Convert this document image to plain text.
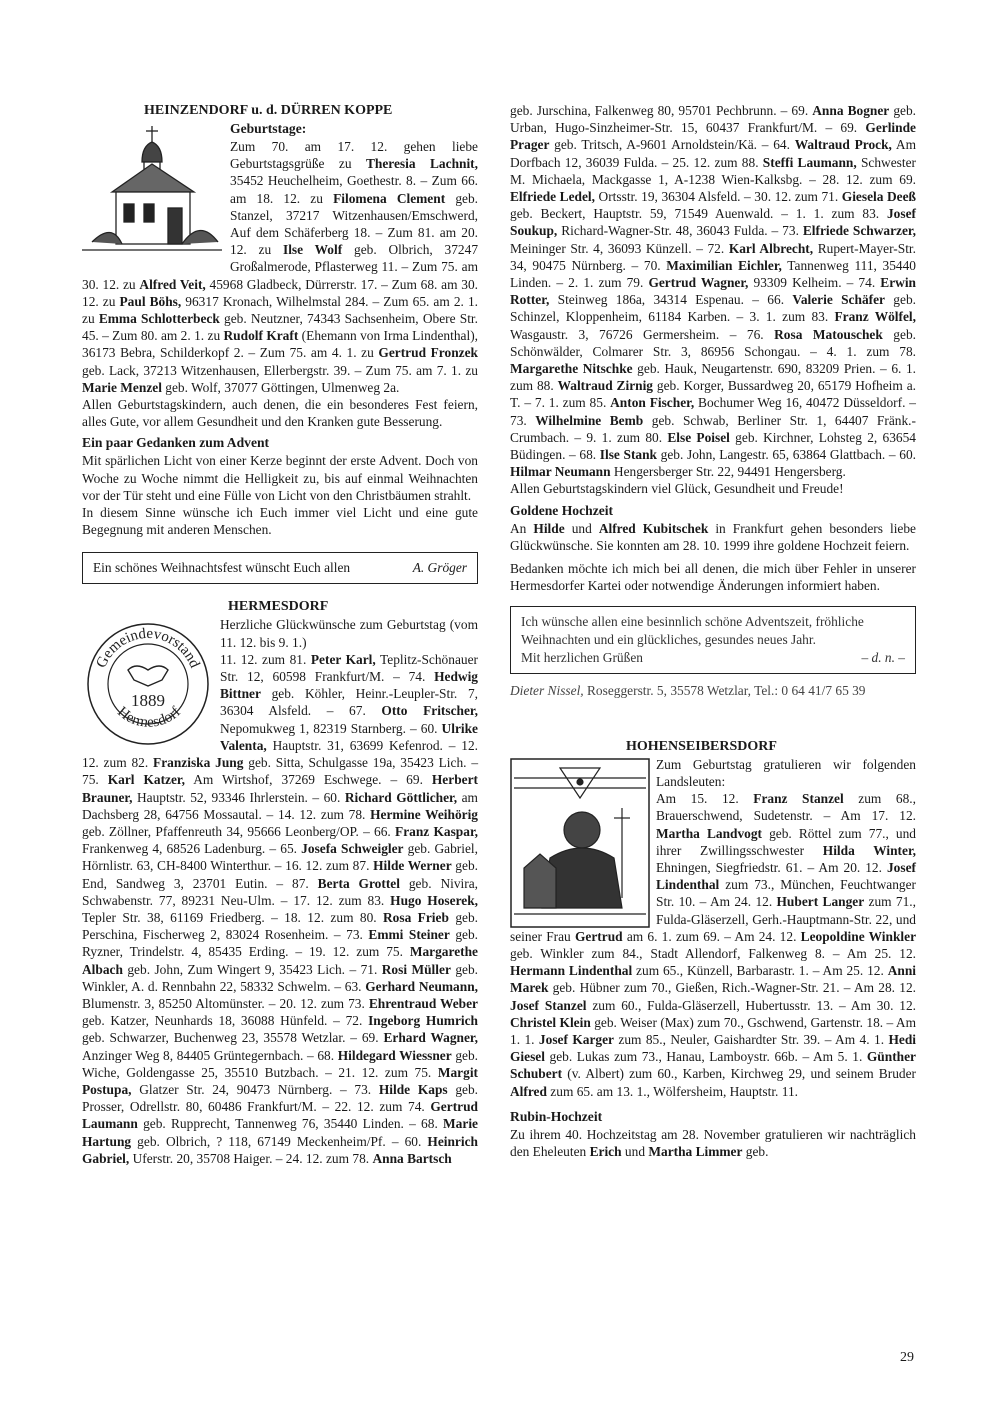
HEINZENDORF u. d. DÜRREN KOPPE
Geburtstage:

Zum 70. am 17. 12. gehen liebe Geburtstagsgrüße zu Theresia Lachnit, 35452 Heuchelheim, Goethestr. 8. – Zum 66. am 18. 12. zu Filomena Clement geb. Stanzel, 37217 Witzenhausen/Emschwerd, Auf dem Schäferberg 18. – Zum 81. am 20. 12. zu Ilse Wolf geb. Olbrich, 37247 Großalmerode, Pflasterweg 11. – Zum 75. am 30. 12. zu Alfred Veit, 45968 Gladbeck, Dürrerstr. 17. – Zum 68. am 30. 12. zu Paul Böhs, 96317 Kronach, Wilhelmstal 284. – Zum 65. am 2. 1. zu Emma Schlotterbeck geb. Neutzner, 74343 Sachsenheim, Obere Str. 45. – Zum 80. am 2. 1. zu Rudolf Kraft (Ehemann von Irma Lindenthal), 36173 Bebra, Schilderkopf 2. – Zum 75. am 4. 1. zu Gertrud Fronzek geb. Lack, 37213 Witzenhausen, Ellerbergstr. 39. – Zum 75. am 7. 1. zu Marie Menzel geb. Wolf, 37077 Göttingen, Ulmenweg 2a.

Allen Geburtstagskindern, auch denen, die ein besonderes Fest feiern, alles Gute, vor allem Gesundheit und den Kranken gute Besserung.

Ein paar Gedanken zum Advent

Mit spärlichen Licht von einer Kerze beginnt der erste Advent. Doch von Woche zu Woche nimmt die Helligkeit zu, bis auf einmal Weihnachten vor der Tür steht und eine Fülle von Licht von den Christbäumen strahlt.

In diesem Sinne wünsche ich Euch immer viel Licht und eine gute Begegnung mit anderen Menschen.

Ein schönes Weihnachtsfest wünscht Euch allen	A. Gröger
HERMESDORF
Gemeindevorstand
Hermesdorf
1889

Herzliche Glückwünsche zum Geburtstag (vom 11. 12. bis 9. 1.)
11. 12. zum 81. Peter Karl, Teplitz-Schönauer Str. 12, 60598 Frankfurt/M. – 74. Hedwig Bittner geb. Köhler, Heinr.-Leupler-Str. 7, 36304 Alsfeld. – 67. Otto Fritscher, Nepomukweg 1, 82319 Starnberg. – 60. Ulrike Valenta, Hauptstr. 31, 63699 Kefenrod. – 12. 12. zum 82. Franziska Jung geb. Sitta, Schulgasse 19a, 35423 Lich. – 75. Karl Katzer, Am Wirtshof, 37269 Eschwege. – 69. Herbert Brauner, Hauptstr. 52, 93346 Ihrlerstein. – 60. Richard Göttlicher, am Dachsberg 28, 64756 Mossautal. – 14. 12. zum 78. Hermine Weihörig geb. Zöllner, Pfaffenreuth 34, 95666 Leonberg/OP. – 66. Franz Kaspar, Frankenweg 4, 68526 Ladenburg. – 65. Josefa Schweigler geb. Gabriel, Hörnlistr. 63, CH-8400 Winterthur. – 16. 12. zum 87. Hilde Werner geb. End, Sandweg 3, 23701 Eutin. – 87. Berta Grottel geb. Nivira, Schwabenstr. 77, 89231 Neu-Ulm. – 17. 12. zum 83. Hugo Hoserek, Tepler Str. 38, 61169 Friedberg. – 18. 12. zum 80. Rosa Frieb geb. Perschina, Fischerweg 2, 83024 Rosenheim. – 73. Emmi Steiner geb. Ryzner, Trindelstr. 4, 85435 Erding. – 19. 12. zum 75. Margarethe Albach geb. John, Zum Wingert 9, 35423 Lich. – 71. Rosi Müller geb. Winkler, A. d. Rennbahn 22, 58332 Schwelm. – 63. Gerhard Neumann, Blumenstr. 3, 85250 Altomünster. – 20. 12. zum 73. Ehrentraud Weber geb. Katzer, Neunhards 18, 36088 Hünfeld. – 72. Ingeborg Humrich geb. Schwarzer, Buchenweg 23, 35578 Wetzlar. – 69. Erhard Wagner, Anzinger Weg 8, 84405 Grüntegernbach. – 68. Hildegard Wiessner geb. Wiche, Goldengasse 25, 35510 Butzbach. – 21. 12. zum 75. Margit Postupa, Glatzer Str. 24, 90473 Nürnberg. – 73. Hilde Kaps geb. Prosser, Odrellstr. 80, 60486 Frankfurt/M. – 22. 12. zum 74. Gertrud Laumann geb. Rupprecht, Tannenweg 76, 35440 Linden. – 68. Marie Hartung geb. Olbrich, ? 118, 67149 Meckenheim/Pf. – 60. Heinrich Gabriel, Uferstr. 20, 35708 Haiger. – 24. 12. zum 78. Anna Bartsch

geb. Jurschina, Falkenweg 80, 95701 Pechbrunn. – 69. Anna Bogner geb. Urban, Hugo-Sinzheimer-Str. 15, 60437 Frankfurt/M. – 69. Gerlinde Prager geb. Tritsch, A-9601 Arnoldstein/Kä. – 64. Waltraud Prock, Am Dorfbach 12, 36039 Fulda. – 25. 12. zum 88. Steffi Laumann, Schwester M. Michaela, Mackgasse 1, A-1238 Wien-Kalksbg. – 28. 12. zum 69. Elfriede Ledel, Ortsstr. 19, 36304 Alsfeld. – 30. 12. zum 71. Giesela Deeß geb. Beckert, Hauptstr. 59, 71549 Auenwald. – 1. 1. zum 83. Josef Soukup, Richard-Wagner-Str. 48, 36043 Fulda. – 73. Elfriede Schwarzer, Meininger Str. 4, 36093 Künzell. – 72. Karl Albrecht, Rupert-Mayer-Str. 34, 90475 Nürnberg. – 70. Maximilian Eichler, Tannenweg 111, 35440 Linden. – 2. 1. zum 79. Gertrud Wagner, 93309 Kelheim. – 74. Erwin Rotter, Steinweg 186a, 34314 Espenau. – 66. Valerie Schäfer geb. Schinzel, Kloppenheim, 61184 Karben. – 3. 1. zum 83. Franz Wölfel, Wasgaustr. 3, 76726 Germersheim. – 76. Rosa Matouschek geb. Schönwälder, Colmarer Str. 3, 86956 Schongau. – 4. 1. zum 78. Margarethe Nitschke geb. Hauk, Neugartenstr. 690, 83209 Prien. – 6. 1. zum 88. Waltraud Zirnig geb. Korger, Bussardweg 20, 65179 Hofheim a. T. – 7. 1. zum 85. Anton Fischer, Bochumer Weg 16, 40472 Düsseldorf. – 73. Wilhelmine Bemb geb. Schwab, Berliner Str. 1, 64407 Fränk.-Crumbach. – 9. 1. zum 80. Else Poisel geb. Kirchner, Lohsteg 2, 63654 Büdingen. – 68. Ilse Stank geb. John, Langestr. 65, 63864 Glattbach. – 60. Hilmar Neumann Hengersberger Str. 22, 94491 Hengersberg.
Allen Geburtstagskindern viel Glück, Gesundheit und Freude!

Goldene Hochzeit

An Hilde und Alfred Kubitschek in Frankfurt gehen besonders liebe Glückwünsche. Sie konnten am 28. 10. 1999 ihre goldene Hochzeit feiern.

Bedanken möchte ich mich bei all denen, die mich über Fehler in unserer Hermesdorfer Kartei oder notwendige Änderungen informiert haben.

Ich wünsche allen eine besinnlich schöne Adventszeit, fröhliche Weihnachten und ein glückliches, gesundes neues Jahr.
Mit herzlichen Grüßen	– d. n. –

Dieter Nissel, Roseggerstr. 5, 35578 Wetzlar, Tel.: 0 64 41/7 65 39

HOHENSEIBERSDORF

Zum Geburtstag gratulieren wir folgenden Landsleuten:
Am 15. 12. Franz Stanzel zum 68., Brauerschwend, Sudetenstr. – Am 17. 12. Martha Landvogt geb. Röttel zum 77., und ihrer Zwillingsschwester Hilda Winter, Ehningen, Siegfriedstr. 61. – Am 20. 12. Josef Lindenthal zum 73., München, Feuchtwanger Str. 10. – Am 24. 12. Hubert Langer zum 71., Fulda-Gläserzell, Gerh.-Hauptmann-Str. 22, und seiner Frau Gertrud am 6. 1. zum 69. – Am 24. 12. Leopoldine Winkler geb. Winkler zum 84., Stadt Allendorf, Falkenweg 8. – Am 25. 12. Hermann Lindenthal zum 65., Künzell, Barbarastr. 1. – Am 25. 12. Anni Marek geb. Hübner zum 70., Gießen, Rich.-Wagner-Str. 21. – Am 28. 12. Josef Stanzel zum 60., Fulda-Gläserzell, Hubertusstr. 13. – Am 30. 12. Christel Klein geb. Weiser (Max) zum 70., Gschwend, Gartenstr. 18. – Am 1. 1. Josef Karger zum 85., Neuler, Gaishardter Str. 39. – Am 4. 1. Hedi Giesel geb. Lukas zum 73., Hanau, Lamboystr. 66b. – Am 5. 1. Günther Schubert (v. Albert) zum 60., Karben, Kirchweg 29, und seinem Bruder Alfred zum 65. am 13. 1., Wölfersheim, Hauptstr. 11.

Rubin-Hochzeit

Zu ihrem 40. Hochzeitstag am 28. November gratulieren wir nachträglich den Eheleuten Erich und Martha Limmer geb.

29
